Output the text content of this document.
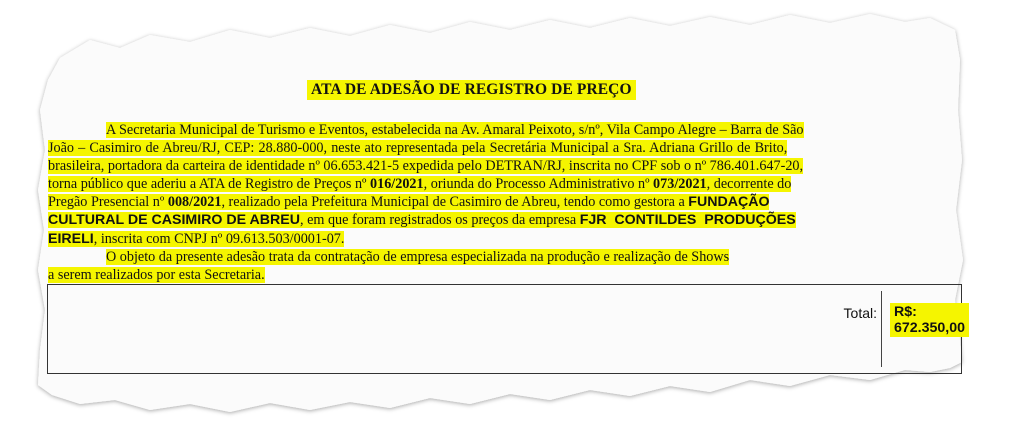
ATA DE ADESÃO DE REGISTRO DE PREÇO
A Secretaria Municipal de Turismo e Eventos, estabelecida na Av. Amaral Peixoto, s/nº, Vila Campo Alegre – Barra de São
João – Casimiro de Abreu/RJ, CEP: 28.880-000, neste ato representada pela Secretária Municipal a Sra. Adriana Grillo de Brito,
brasileira, portadora da carteira de identidade nº 06.653.421-5 expedida pelo DETRAN/RJ, inscrita no CPF sob o nº 786.401.647-20,
torna público que aderiu a ATA de Registro de Preços nº 016/2021, oriunda do Processo Administrativo nº 073/2021, decorrente do
Pregão Presencial nº 008/2021, realizado pela Prefeitura Municipal de Casimiro de Abreu, tendo como gestora a FUNDAÇÃO
CULTURAL DE CASIMIRO DE ABREU, em que foram registrados os preços da empresa FJR  CONTILDES  PRODUÇÕES
EIRELI, inscrita com CNPJ nº 09.613.503/0001-07.
O objeto da presente adesão trata da contratação de empresa especializada na produção e realização de Shows
a serem realizados por esta Secretaria.
Total: R$: 672.350,00
